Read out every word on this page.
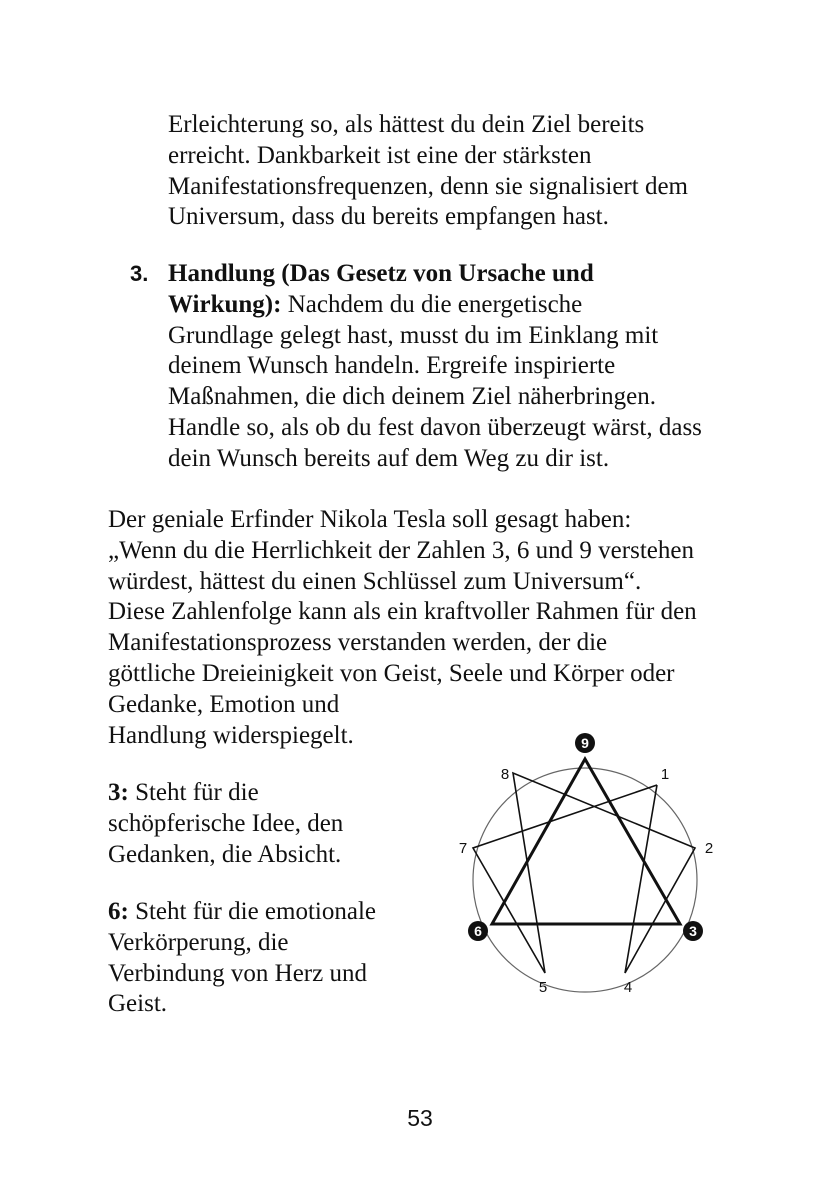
Erleichterung so, als hättest du dein Ziel bereits
erreicht. Dankbarkeit ist eine der stärksten
Manifestationsfrequenzen, denn sie signalisiert dem
Universum, dass du bereits empfangen hast.

3. Handlung (Das Gesetz von Ursache und
Wirkung): Nachdem du die energetische
Grundlage gelegt hast, musst du im Einklang mit
deinem Wunsch handeln. Ergreife inspirierte
Maßnahmen, die dich deinem Ziel näherbringen.
Handle so, als ob du fest davon überzeugt wärst, dass
dein Wunsch bereits auf dem Weg zu dir ist.

Der geniale Erfinder Nikola Tesla soll gesagt haben:
„Wenn du die Herrlichkeit der Zahlen 3, 6 und 9 verstehen
würdest, hättest du einen Schlüssel zum Universum“.
Diese Zahlenfolge kann als ein kraftvoller Rahmen für den
Manifestationsprozess verstanden werden, der die
göttliche Dreieinigkeit von Geist, Seele und Körper oder
Gedanke, Emotion und
Handlung widerspiegelt.

3: Steht für die
schöpferische Idee, den
Gedanken, die Absicht.

6: Steht für die emotionale
Verkörperung, die
Verbindung von Herz und
Geist.

9
6	3
8	1
7	2
5	4
53
